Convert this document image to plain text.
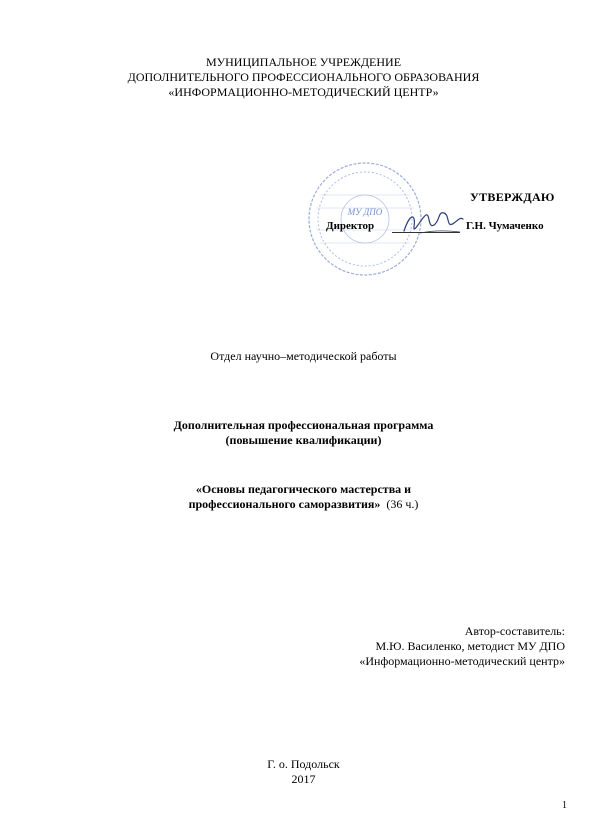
МУНИЦИПАЛЬНОЕ УЧРЕЖДЕНИЕ
ДОПОЛНИТЕЛЬНОГО ПРОФЕССИОНАЛЬНОГО ОБРАЗОВАНИЯ
«ИНФОРМАЦИОННО-МЕТОДИЧЕСКИЙ ЦЕНТР»
МУ ДПО
УТВЕРЖДАЮ
Директор	Г.Н. Чумаченко
Отдел научно–методической работы
Дополнительная профессиональная программа
(повышение квалификации)
«Основы педагогического мастерства и
профессионального саморазвития» (36 ч.)
Автор-составитель:
М.Ю. Василенко, методист МУ ДПО
«Информационно-методический центр»
Г. о. Подольск
2017
1
